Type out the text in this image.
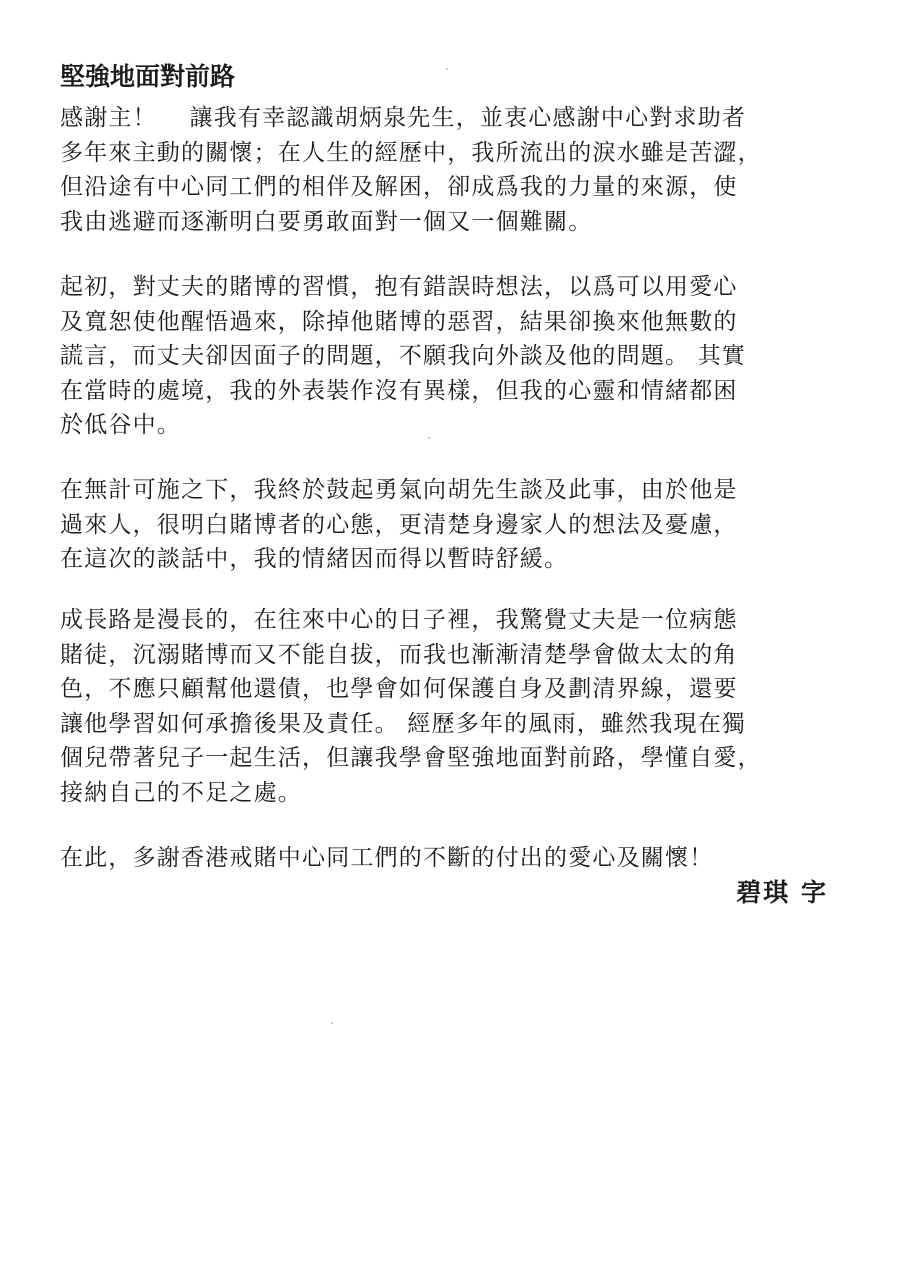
堅強地面對前路

感謝主！　 讓我有幸認識胡炳泉先生，並衷心感謝中心對求助者
多年來主動的關懷；在人生的經歷中，我所流出的淚水雖是苦澀，
但沿途有中心同工們的相伴及解困，卻成爲我的力量的來源，使
我由逃避而逐漸明白要勇敢面對一個又一個難關。

起初，對丈夫的賭博的習慣，抱有錯誤時想法，以爲可以用愛心
及寬恕使他醒悟過來，除掉他賭博的惡習，結果卻換來他無數的
謊言，而丈夫卻因面子的問題，不願我向外談及他的問題。 其實
在當時的處境，我的外表裝作沒有異樣，但我的心靈和情緒都困
於低谷中。

在無計可施之下，我終於鼓起勇氣向胡先生談及此事，由於他是
過來人，很明白賭博者的心態，更清楚身邊家人的想法及憂慮，
在這次的談話中，我的情緒因而得以暫時舒緩。

成長路是漫長的，在往來中心的日子裡，我驚覺丈夫是一位病態
賭徒，沉溺賭博而又不能自拔，而我也漸漸清楚學會做太太的角
色，不應只顧幫他還債，也學會如何保護自身及劃清界線，還要
讓他學習如何承擔後果及責任。 經歷多年的風雨，雖然我現在獨
個兒帶著兒子一起生活，但讓我學會堅強地面對前路，學懂自愛，
接納自己的不足之處。

在此，多謝香港戒賭中心同工們的不斷的付出的愛心及關懷！

碧琪 字
